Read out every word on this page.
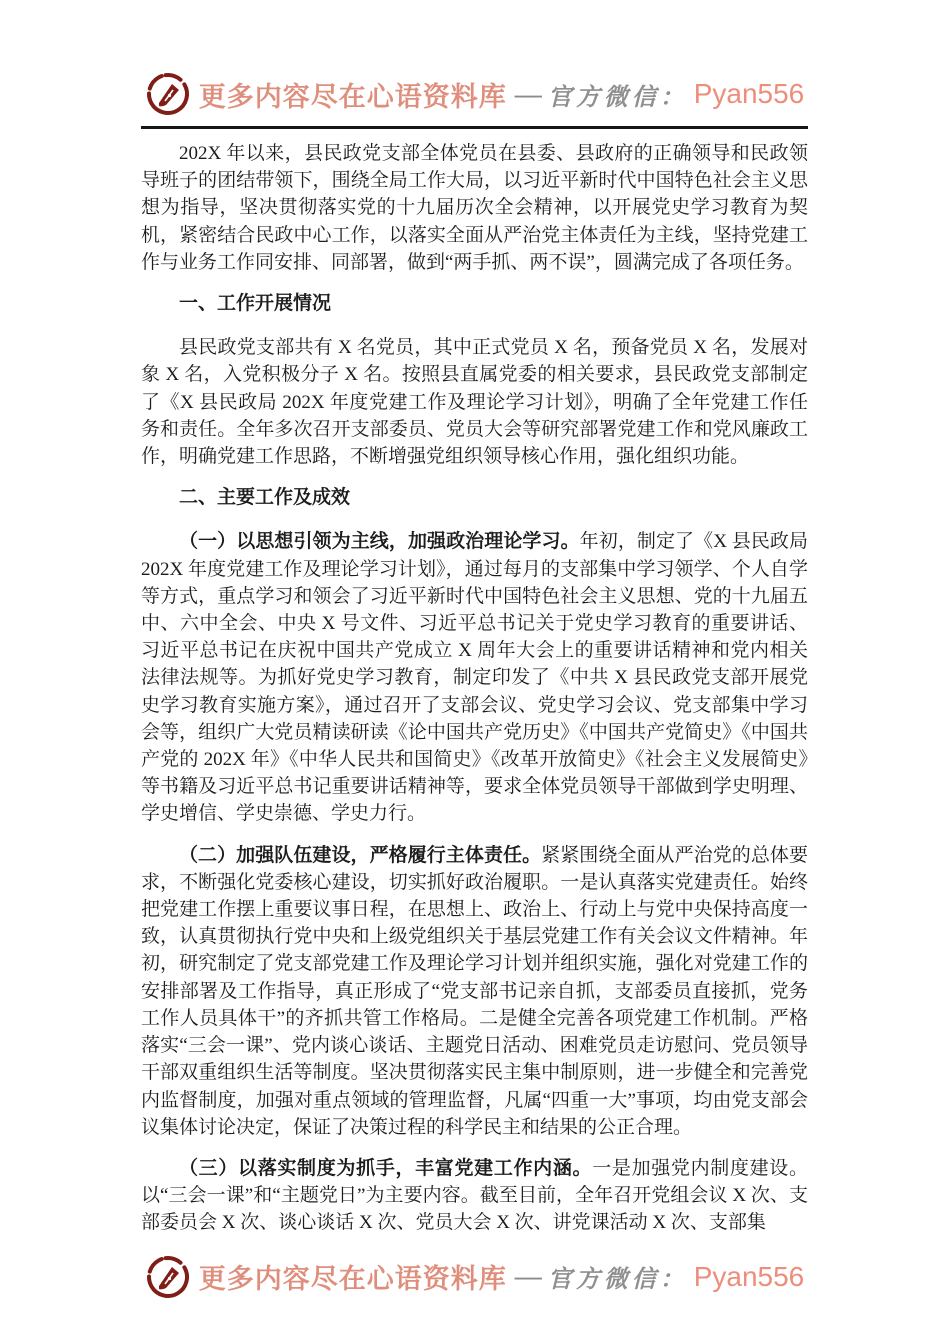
更多内容尽在心语资料库 — 官方微信： Pyan556

202X 年以来，县民政党支部全体党员在县委、县政府的正确领导和民政领导班子的团结带领下，围绕全局工作大局，以习近平新时代中国特色社会主义思想为指导，坚决贯彻落实党的十九届历次全会精神，以开展党史学习教育为契机，紧密结合民政中心工作，以落实全面从严治党主体责任为主线，坚持党建工作与业务工作同安排、同部署，做到“两手抓、两不误”，圆满完成了各项任务。

一、工作开展情况

县民政党支部共有 X 名党员，其中正式党员 X 名，预备党员 X 名，发展对象 X 名，入党积极分子 X 名。按照县直属党委的相关要求，县民政党支部制定了《X 县民政局 202X 年度党建工作及理论学习计划》，明确了全年党建工作任务和责任。全年多次召开支部委员、党员大会等研究部署党建工作和党风廉政工作，明确党建工作思路，不断增强党组织领导核心作用，强化组织功能。

二、主要工作及成效

（一）以思想引领为主线，加强政治理论学习。年初，制定了《X 县民政局 202X 年度党建工作及理论学习计划》，通过每月的支部集中学习领学、个人自学等方式，重点学习和领会了习近平新时代中国特色社会主义思想、党的十九届五中、六中全会、中央 X 号文件、习近平总书记关于党史学习教育的重要讲话、习近平总书记在庆祝中国共产党成立 X 周年大会上的重要讲话精神和党内相关法律法规等。为抓好党史学习教育，制定印发了《中共 X 县民政党支部开展党史学习教育实施方案》，通过召开了支部会议、党史学习会议、党支部集中学习会等，组织广大党员精读研读《论中国共产党历史》《中国共产党简史》《中国共产党的 202X 年》《中华人民共和国简史》《改革开放简史》《社会主义发展简史》等书籍及习近平总书记重要讲话精神等，要求全体党员领导干部做到学史明理、学史增信、学史崇德、学史力行。

（二）加强队伍建设，严格履行主体责任。紧紧围绕全面从严治党的总体要求，不断强化党委核心建设，切实抓好政治履职。一是认真落实党建责任。始终把党建工作摆上重要议事日程，在思想上、政治上、行动上与党中央保持高度一致，认真贯彻执行党中央和上级党组织关于基层党建工作有关会议文件精神。年初，研究制定了党支部党建工作及理论学习计划并组织实施，强化对党建工作的安排部署及工作指导，真正形成了“党支部书记亲自抓，支部委员直接抓，党务工作人员具体干”的齐抓共管工作格局。二是健全完善各项党建工作机制。严格落实“三会一课”、党内谈心谈话、主题党日活动、困难党员走访慰问、党员领导干部双重组织生活等制度。坚决贯彻落实民主集中制原则，进一步健全和完善党内监督制度，加强对重点领域的管理监督，凡属“四重一大”事项，均由党支部会议集体讨论决定，保证了决策过程的科学民主和结果的公正合理。

（三）以落实制度为抓手，丰富党建工作内涵。一是加强党内制度建设。以“三会一课”和“主题党日”为主要内容。截至目前，全年召开党组会议 X 次、支部委员会 X 次、谈心谈话 X 次、党员大会 X 次、讲党课活动 X 次、支部集

更多内容尽在心语资料库 — 官方微信： Pyan556
